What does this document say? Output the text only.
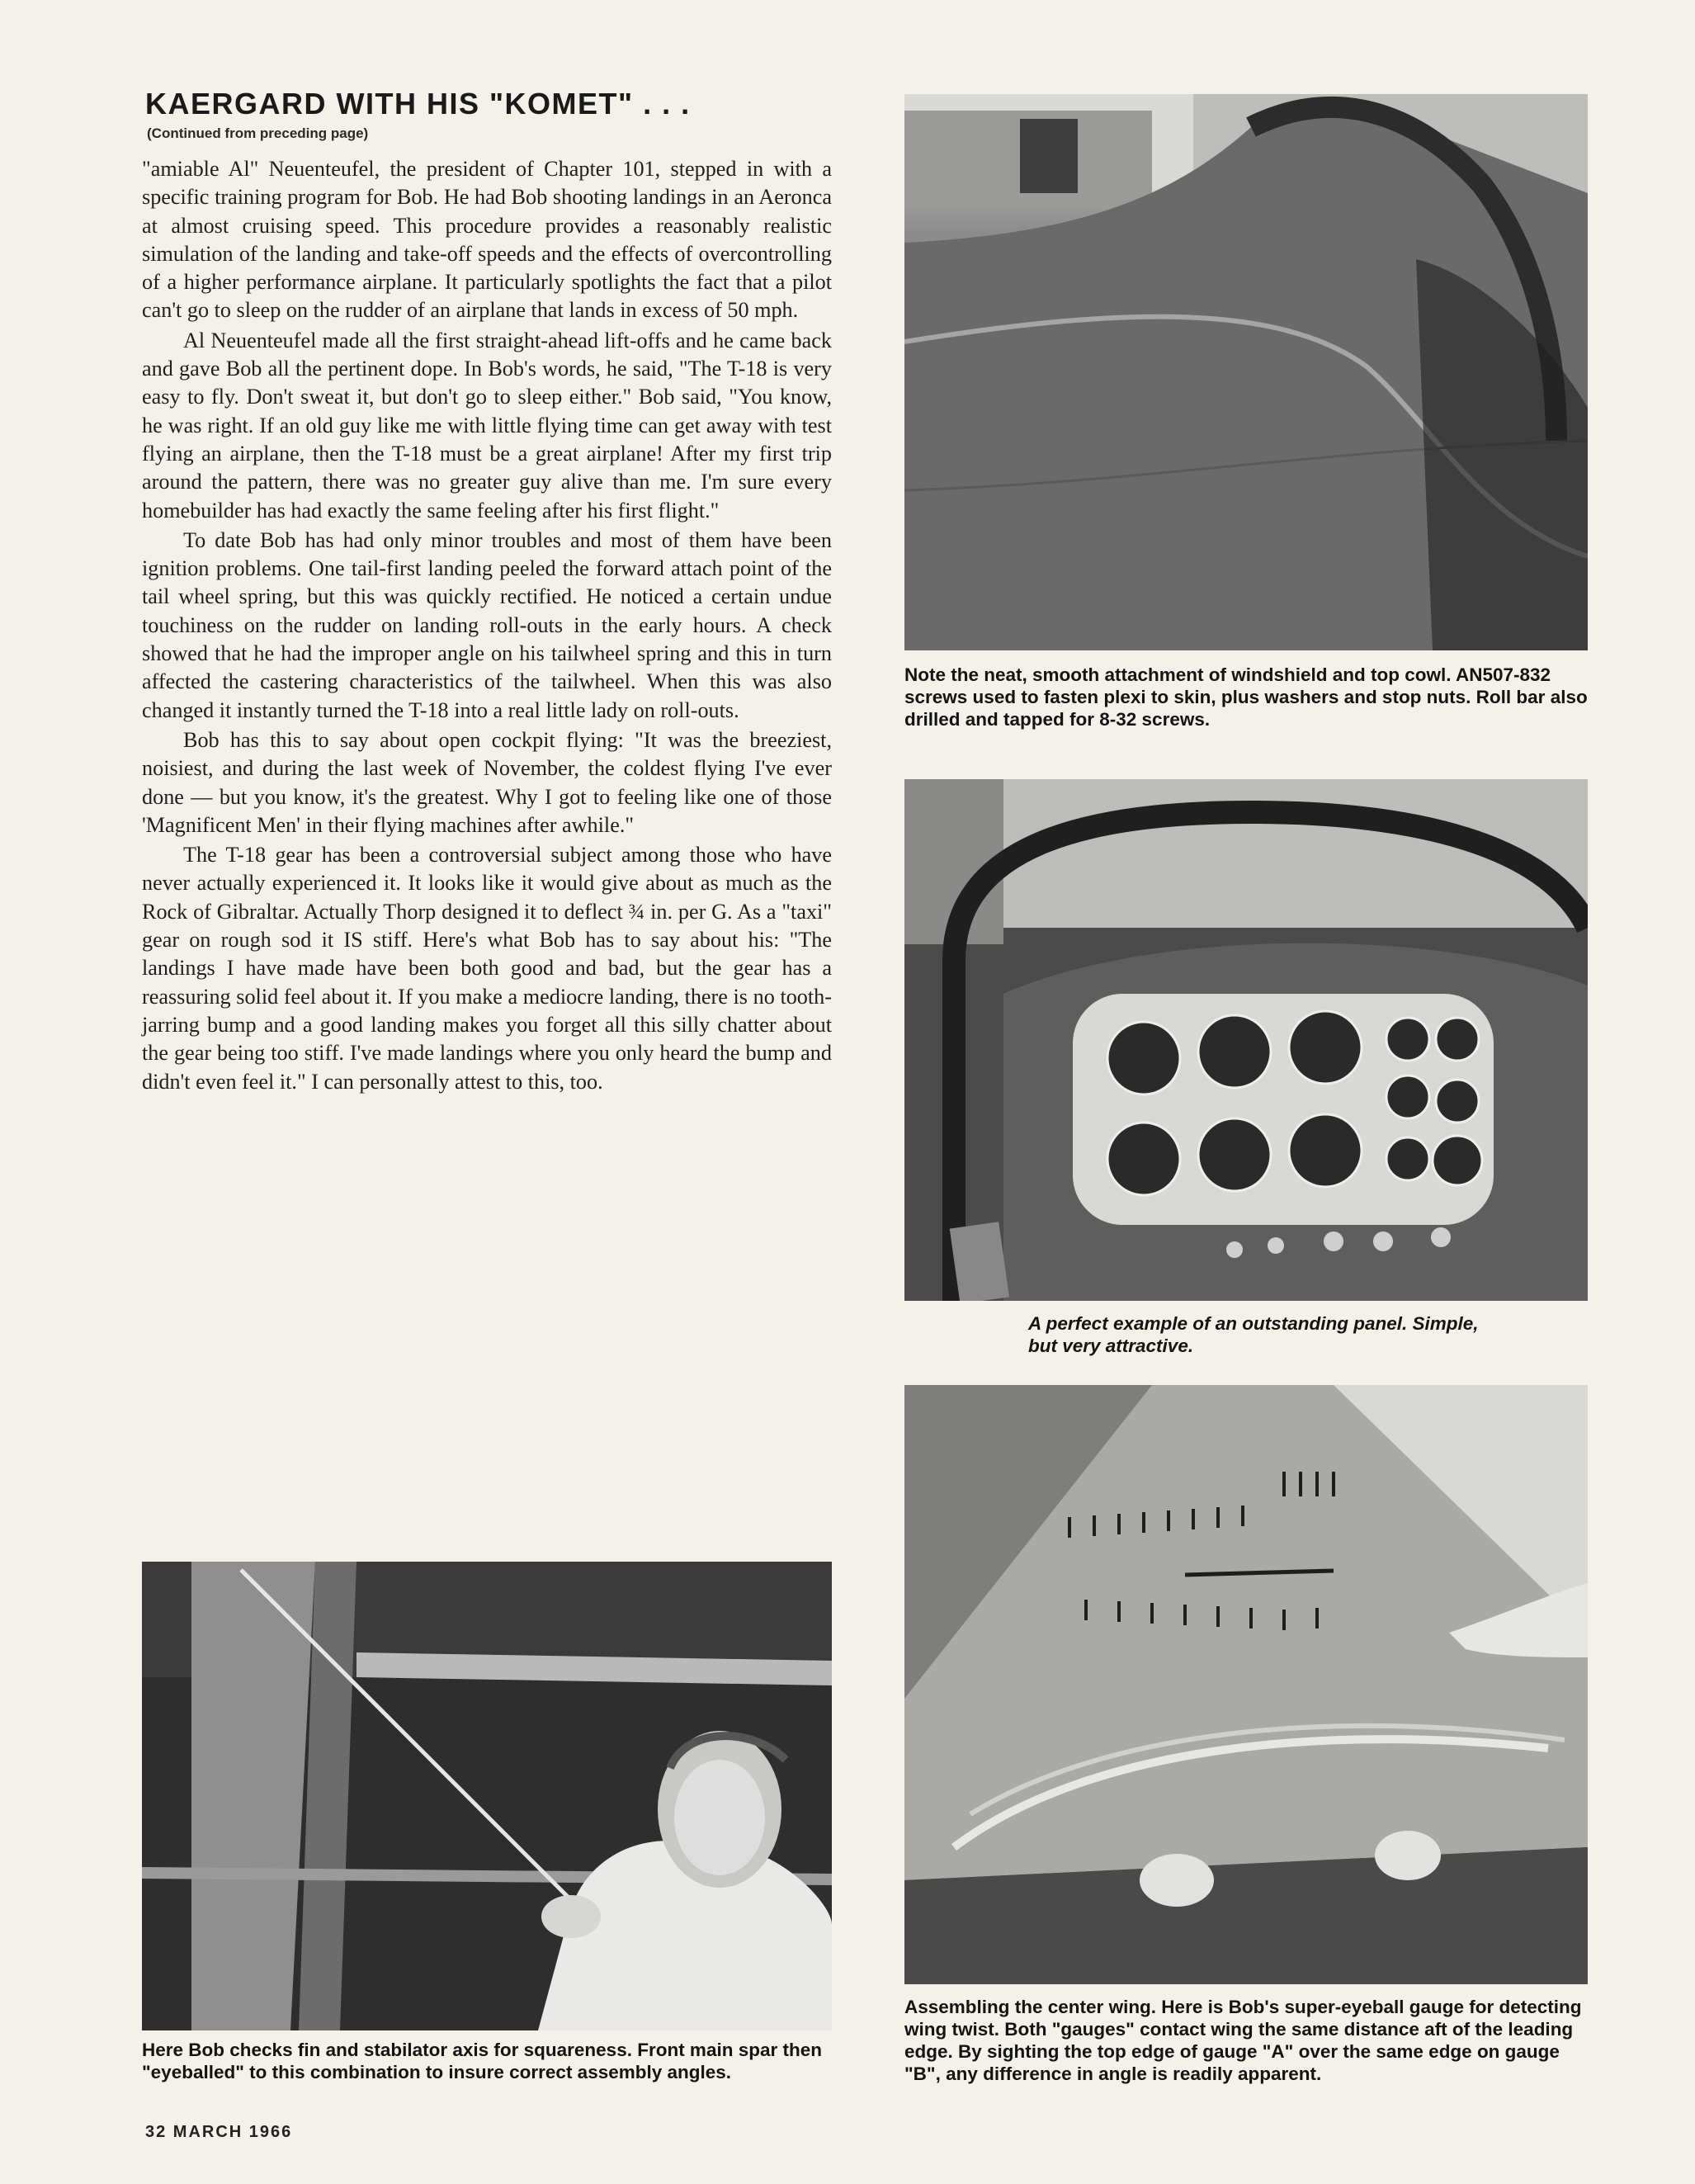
KAERGARD WITH HIS "KOMET" . . .
(Continued from preceding page)

"amiable Al" Neuenteufel, the president of Chapter 101, stepped in with a specific training program for Bob. He had Bob shooting landings in an Aeronca at almost cruising speed. This procedure provides a reasonably realistic simulation of the landing and take-off speeds and the effects of overcontrolling of a higher performance airplane. It particularly spotlights the fact that a pilot can't go to sleep on the rudder of an airplane that lands in excess of 50 mph.

Al Neuenteufel made all the first straight-ahead lift-offs and he came back and gave Bob all the pertinent dope. In Bob's words, he said, "The T-18 is very easy to fly. Don't sweat it, but don't go to sleep either." Bob said, "You know, he was right. If an old guy like me with little flying time can get away with test flying an airplane, then the T-18 must be a great airplane! After my first trip around the pattern, there was no greater guy alive than me. I'm sure every homebuilder has had exactly the same feeling after his first flight."

To date Bob has had only minor troubles and most of them have been ignition problems. One tail-first landing peeled the forward attach point of the tail wheel spring, but this was quickly rectified. He noticed a certain undue touchiness on the rudder on landing roll-outs in the early hours. A check showed that he had the improper angle on his tailwheel spring and this in turn affected the castering characteristics of the tailwheel. When this was also changed it instantly turned the T-18 into a real little lady on roll-outs.

Bob has this to say about open cockpit flying: "It was the breeziest, noisiest, and during the last week of November, the coldest flying I've ever done — but you know, it's the greatest. Why I got to feeling like one of those 'Magnificent Men' in their flying machines after awhile."

The T-18 gear has been a controversial subject among those who have never actually experienced it. It looks like it would give about as much as the Rock of Gibraltar. Actually Thorp designed it to deflect ¾ in. per G. As a "taxi" gear on rough sod it IS stiff. Here's what Bob has to say about his: "The landings I have made have been both good and bad, but the gear has a reassuring solid feel about it. If you make a mediocre landing, there is no tooth-jarring bump and a good landing makes you forget all this silly chatter about the gear being too stiff. I've made landings where you only heard the bump and didn't even feel it." I can personally attest to this, too.

Note the neat, smooth attachment of windshield and top cowl. AN507-832 screws used to fasten plexi to skin, plus washers and stop nuts. Roll bar also drilled and tapped for 8-32 screws.
A perfect example of an outstanding panel. Simple, but very attractive.
Here Bob checks fin and stabilator axis for squareness. Front main spar then "eyeballed" to this combination to insure correct assembly angles.
Assembling the center wing. Here is Bob's super-eyeball gauge for detecting wing twist. Both "gauges" contact wing the same distance aft of the leading edge. By sighting the top edge of gauge "A" over the same edge on gauge "B", any difference in angle is readily apparent.
32 MARCH 1966
